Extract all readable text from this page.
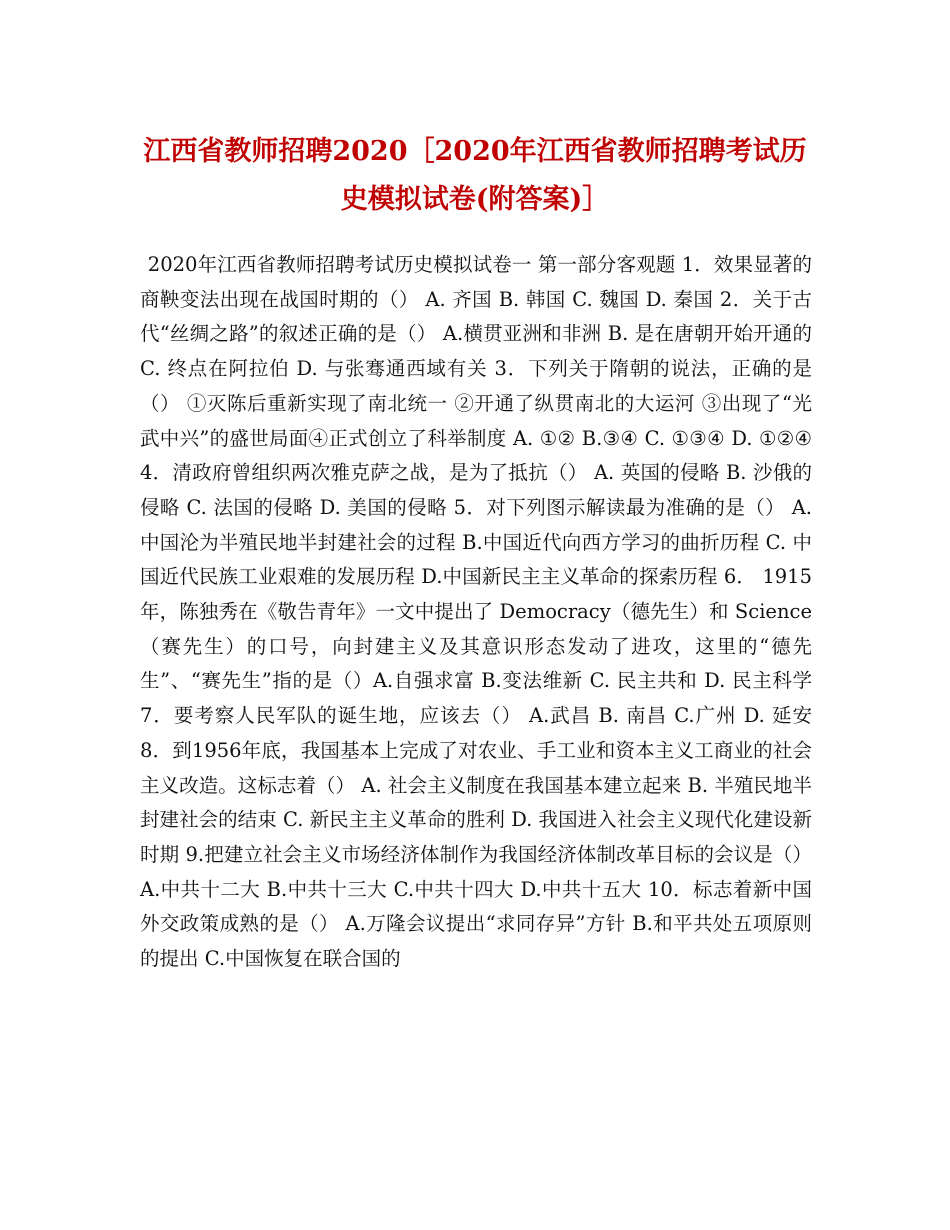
江西省教师招聘2020［2020年江西省教师招聘考试历史模拟试卷(附答案)］

2020年江西省教师招聘考试历史模拟试卷一 第一部分客观题 1．效果显著的商鞅变法出现在战国时期的（） A. 齐国 B. 韩国 C. 魏国 D. 秦国 2．关于古代“丝绸之路”的叙述正确的是（） A.横贯亚洲和非洲 B. 是在唐朝开始开通的 C. 终点在阿拉伯 D. 与张骞通西域有关 3．下列关于隋朝的说法，正确的是（） ①灭陈后重新实现了南北统一 ②开通了纵贯南北的大运河 ③出现了“光武中兴”的盛世局面④正式创立了科举制度 A. ①② B.③④ C. ①③④ D. ①②④ 4．清政府曾组织两次雅克萨之战，是为了抵抗（） A. 英国的侵略 B. 沙俄的侵略 C. 法国的侵略 D. 美国的侵略 5．对下列图示解读最为准确的是（） A. 中国沦为半殖民地半封建社会的过程 B.中国近代向西方学习的曲折历程 C. 中国近代民族工业艰难的发展历程 D.中国新民主主义革命的探索历程 6． 1915 年，陈独秀在《敬告青年》一文中提出了 Democracy（德先生）和 Science（赛先生）的口号，向封建主义及其意识形态发动了进攻，这里的“德先生”、“赛先生”指的是（）A.自强求富 B.变法维新 C. 民主共和 D. 民主科学 7．要考察人民军队的诞生地，应该去（） A.武昌 B. 南昌 C.广州 D. 延安 8．到1956年底，我国基本上完成了对农业、手工业和资本主义工商业的社会主义改造。这标志着（） A. 社会主义制度在我国基本建立起来 B. 半殖民地半封建社会的结束 C. 新民主主义革命的胜利 D. 我国进入社会主义现代化建设新时期 9.把建立社会主义市场经济体制作为我国经济体制改革目标的会议是（） A.中共十二大 B.中共十三大 C.中共十四大 D.中共十五大 10．标志着新中国外交政策成熟的是（） A.万隆会议提出“求同存异”方针 B.和平共处五项原则的提出 C.中国恢复在联合国的
